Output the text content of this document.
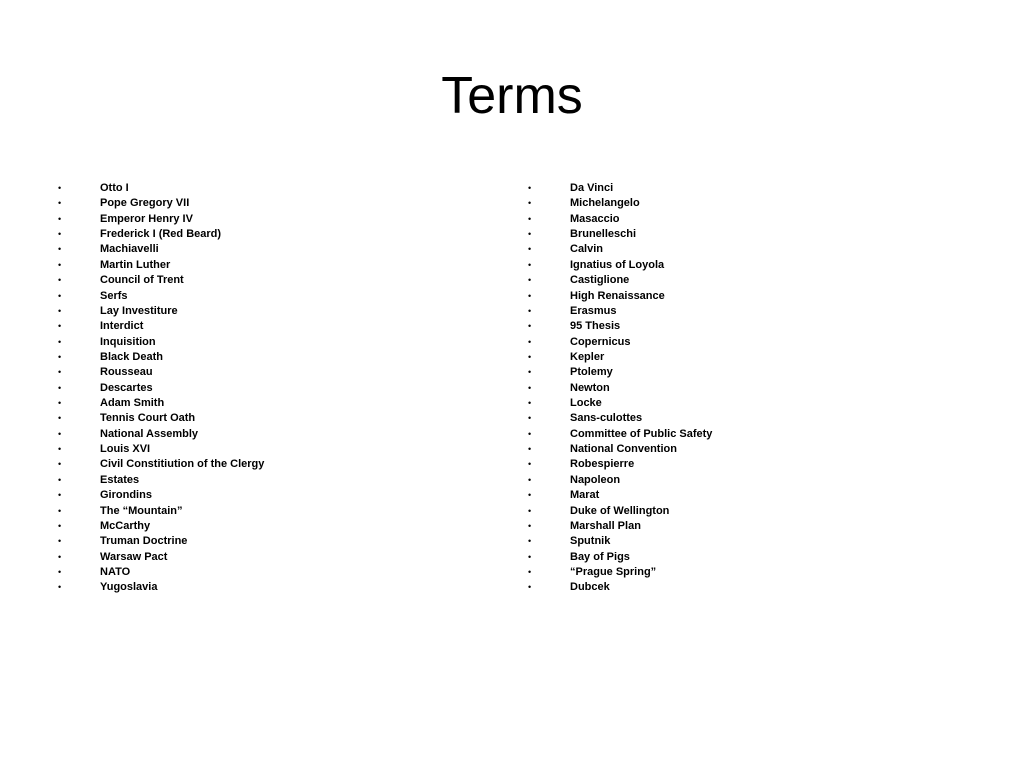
Terms
•	Otto I
•	Pope Gregory VII
•	Emperor Henry IV
•	Frederick I (Red Beard)
•	Machiavelli
•	Martin Luther
•	Council of Trent
•	Serfs
•	Lay Investiture
•	Interdict
•	Inquisition
•	Black Death
•	Rousseau
•	Descartes
•	Adam Smith
•	Tennis Court Oath
•	National Assembly
•	Louis XVI
•	Civil Constitiution of the Clergy
•	Estates
•	Girondins
•	The “Mountain”
•	McCarthy
•	Truman Doctrine
•	Warsaw Pact
•	NATO
•	Yugoslavia
•	Da Vinci
•	Michelangelo
•	Masaccio
•	Brunelleschi
•	Calvin
•	Ignatius of Loyola
•	Castiglione
•	High Renaissance
•	Erasmus
•	95 Thesis
•	Copernicus
•	Kepler
•	Ptolemy
•	Newton
•	Locke
•	Sans-culottes
•	Committee of Public Safety
•	National Convention
•	Robespierre
•	Napoleon
•	Marat
•	Duke of Wellington
•	Marshall Plan
•	Sputnik
•	Bay of Pigs
•	“Prague Spring”
•	Dubcek
